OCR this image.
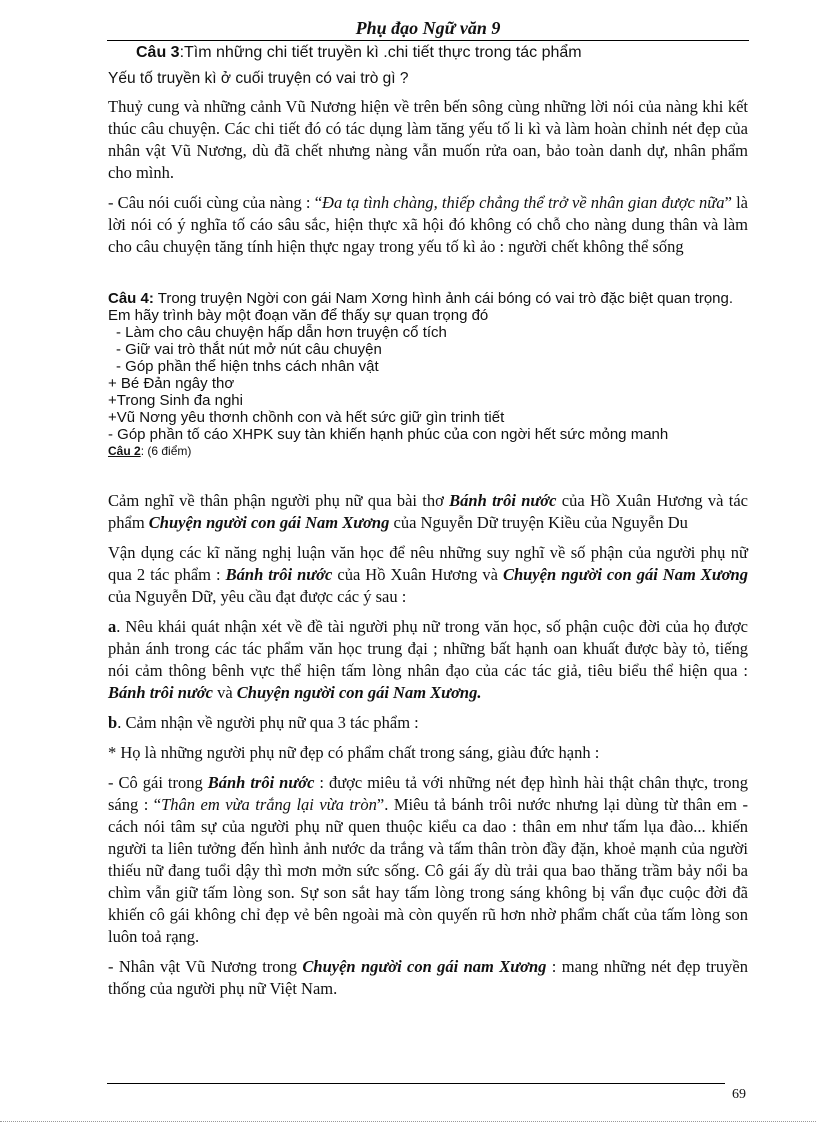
Phụ đạo Ngữ văn 9

Câu 3:Tìm những chi tiết truyền kì .chi tiết thực trong tác phẩm

Yếu tố truyền kì ở cuối truyện có vai trò gì ?

Thuỷ cung và những cảnh Vũ Nương hiện về trên bến sông cùng những lời nói của nàng khi kết thúc câu chuyện. Các chi tiết đó có tác dụng làm tăng yếu tố li kì và làm hoàn chỉnh nét đẹp của nhân vật Vũ Nương, dù đã chết nhưng nàng vẫn muốn rửa oan, bảo toàn danh dự, nhân phẩm cho mình.

- Câu nói cuối cùng của nàng : “Đa tạ tình chàng, thiếp chẳng thể trở về nhân gian được nữa” là lời nói có ý nghĩa tố cáo sâu sắc, hiện thực xã hội đó không có chỗ cho nàng dung thân và làm cho câu chuyện tăng tính hiện thực ngay trong yếu tố kì ảo : người chết không thể sống

Câu 4: Trong truyện Ngời con gái Nam Xơng hình ảnh cái bóng có vai trò đặc biệt quan trọng. Em hãy trình bày một đoạn văn để thấy sự quan trọng đó

- Làm cho câu chuyện hấp dẫn hơn truyện cổ tích

- Giữ vai trò thắt nút mở nút câu chuyện

- Góp phần thể hiện tnhs cách nhân vật

+ Bé Đản ngây thơ

+Trong Sinh đa nghi

+Vũ Nơng yêu thơnh chồnh con và hết sức giữ gìn trinh tiết

- Góp phần tố cáo XHPK suy tàn khiến hạnh phúc của con ngời hết sức mỏng manh

Câu 2: (6 điểm)

Cảm nghĩ về thân phận người phụ nữ qua bài thơ Bánh trôi nước của Hồ Xuân Hương và tác phẩm Chuyện người con gái Nam Xương của Nguyễn Dữ truyện Kiều của Nguyễn Du

Vận dụng các kĩ năng nghị luận văn học để nêu những suy nghĩ về số phận của người phụ nữ qua 2 tác phẩm : Bánh trôi nước của Hồ Xuân Hương và Chuyện người con gái Nam Xương của Nguyễn Dữ, yêu cầu đạt được các ý sau :

a. Nêu khái quát nhận xét về đề tài người phụ nữ trong văn học, số phận cuộc đời của họ được phản ánh trong các tác phẩm văn học trung đại ; những bất hạnh oan khuất được bày tỏ, tiếng nói cảm thông bênh vực thể hiện tấm lòng nhân đạo của các tác giả, tiêu biểu thể hiện qua : Bánh trôi nước và Chuyện người con gái Nam Xương.

b. Cảm nhận về người phụ nữ qua 3 tác phẩm :

* Họ là những người phụ nữ đẹp có phẩm chất trong sáng, giàu đức hạnh :

- Cô gái trong Bánh trôi nước : được miêu tả với những nét đẹp hình hài thật chân thực, trong sáng : “Thân em vừa trắng lại vừa tròn”. Miêu tả bánh trôi nước nhưng lại dùng từ thân em - cách nói tâm sự của người phụ nữ quen thuộc kiểu ca dao : thân em như tấm lụa đào... khiến người ta liên tưởng đến hình ảnh nước da trắng và tấm thân tròn đầy đặn, khoẻ mạnh của người thiếu nữ đang tuổi dậy thì mơn mởn sức sống. Cô gái ấy dù trải qua bao thăng trầm bảy nổi ba chìm vẫn giữ tấm lòng son. Sự son sắt hay tấm lòng trong sáng không bị vẩn đục cuộc đời đã khiến cô gái không chỉ đẹp vẻ bên ngoài mà còn quyến rũ hơn nhờ phẩm chất của tấm lòng son luôn toả rạng.

- Nhân vật Vũ Nương trong Chuyện người con gái nam Xương : mang những nét đẹp truyền thống của người phụ nữ Việt Nam.

69
